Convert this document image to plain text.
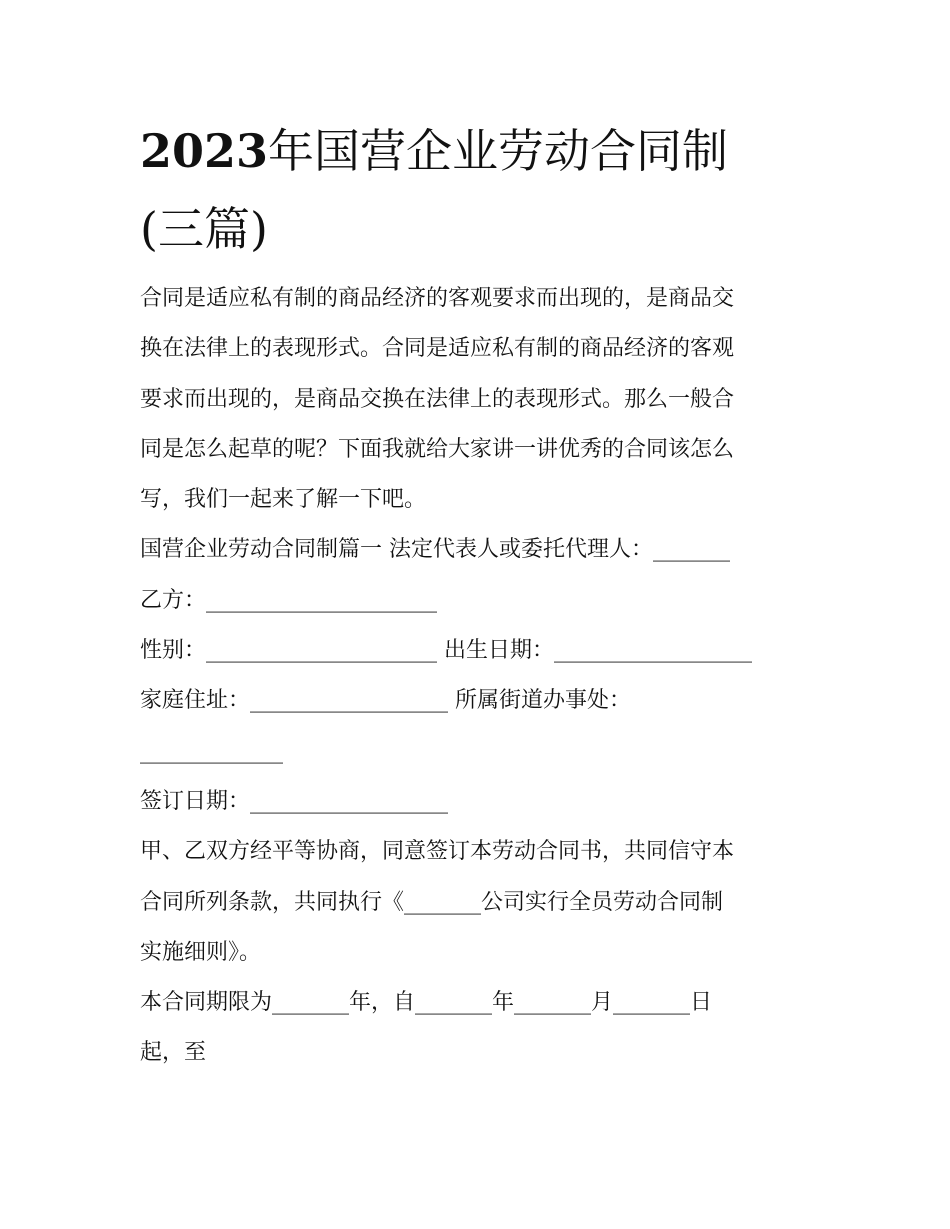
2023年国营企业劳动合同制
(三篇)

合同是适应私有制的商品经济的客观要求而出现的，是商品交

换在法律上的表现形式。合同是适应私有制的商品经济的客观

要求而出现的，是商品交换在法律上的表现形式。那么一般合

同是怎么起草的呢？下面我就给大家讲一讲优秀的合同该怎么

写，我们一起来了解一下吧。

国营企业劳动合同制篇一 法定代表人或委托代理人：_______

乙方：_____________________

性别：_____________________ 出生日期：__________________

家庭住址：__________________ 所属街道办事处：

_____________

签订日期：__________________

甲、乙双方经平等协商，同意签订本劳动合同书，共同信守本

合同所列条款，共同执行《_______公司实行全员劳动合同制

实施细则》。

本合同期限为_______年，自_______年_______月_______日

起，至
